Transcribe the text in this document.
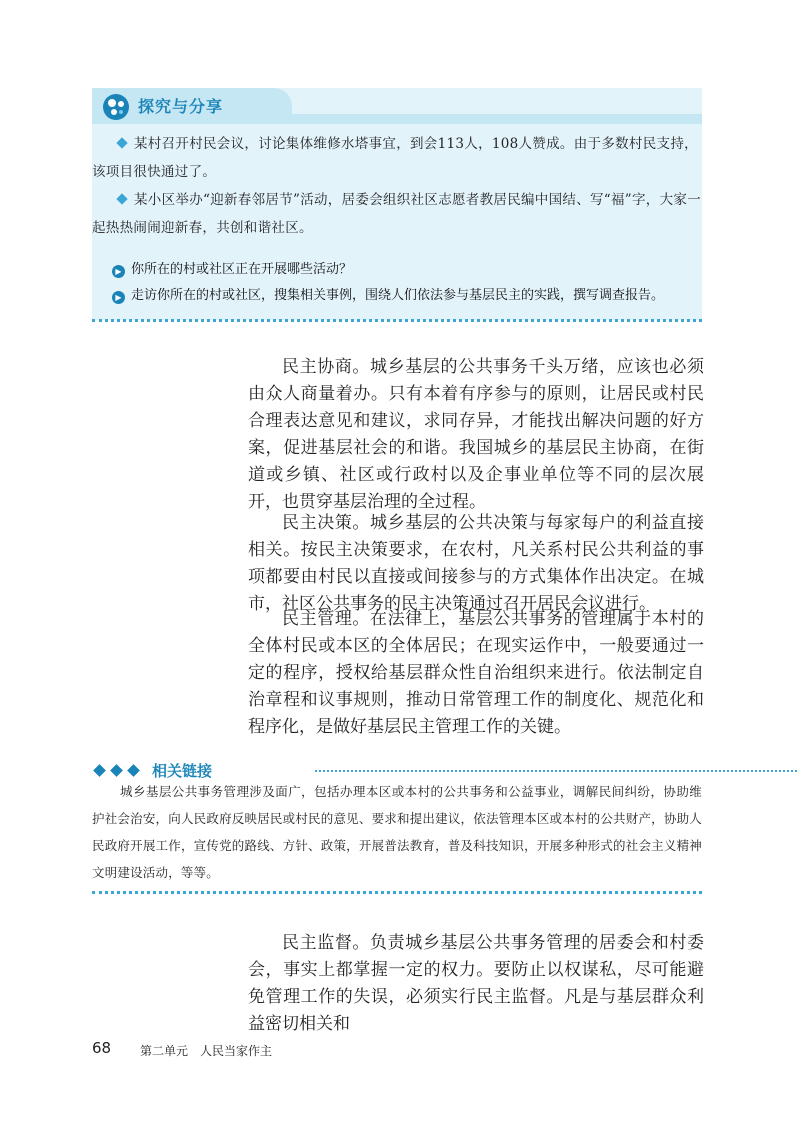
探究与分享
某村召开村民会议，讨论集体维修水塔事宜，到会113人，108人赞成。由于多数村民支持，该项目很快通过了。
某小区举办“迎新春邻居节”活动，居委会组织社区志愿者教居民编中国结、写“福”字，大家一起热热闹闹迎新春，共创和谐社区。
▶ 你所在的村或社区正在开展哪些活动？
▶ 走访你所在的村或社区，搜集相关事例，围绕人们依法参与基层民主的实践，撰写调查报告。
民主协商。城乡基层的公共事务千头万绪，应该也必须由众人商量着办。只有本着有序参与的原则，让居民或村民合理表达意见和建议，求同存异，才能找出解决问题的好方案，促进基层社会的和谐。我国城乡的基层民主协商，在街道或乡镇、社区或行政村以及企事业单位等不同的层次展开，也贯穿基层治理的全过程。
民主决策。城乡基层的公共决策与每家每户的利益直接相关。按民主决策要求，在农村，凡关系村民公共利益的事项都要由村民以直接或间接参与的方式集体作出决定。在城市，社区公共事务的民主决策通过召开居民会议进行。
民主管理。在法律上，基层公共事务的管理属于本村的全体村民或本区的全体居民；在现实运作中，一般要通过一定的程序，授权给基层群众性自治组织来进行。依法制定自治章程和议事规则，推动日常管理工作的制度化、规范化和程序化，是做好基层民主管理工作的关键。
相关链接
城乡基层公共事务管理涉及面广，包括办理本区或本村的公共事务和公益事业，调解民间纠纷，协助维护社会治安，向人民政府反映居民或村民的意见、要求和提出建议，依法管理本区或本村的公共财产，协助人民政府开展工作，宣传党的路线、方针、政策，开展普法教育，普及科技知识，开展多种形式的社会主义精神文明建设活动，等等。
民主监督。负责城乡基层公共事务管理的居委会和村委会，事实上都掌握一定的权力。要防止以权谋私，尽可能避免管理工作的失误，必须实行民主监督。凡是与基层群众利益密切相关和
68 第二单元　人民当家作主
